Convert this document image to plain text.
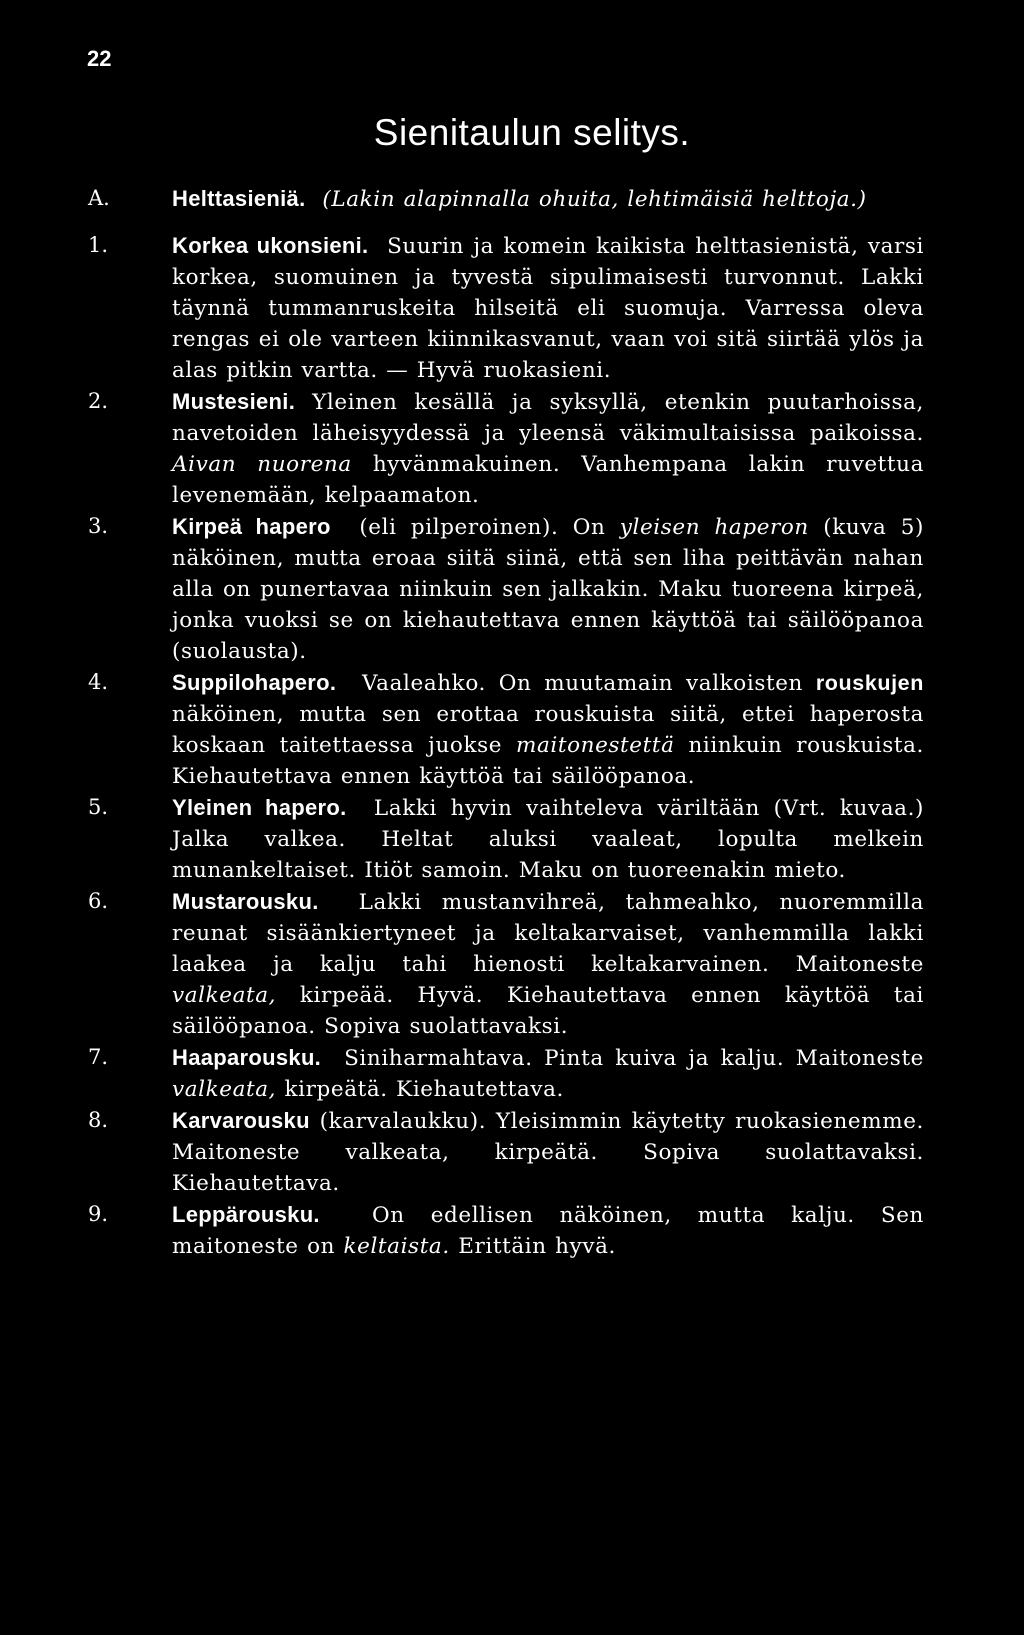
22
Sienitaulun selitys.
A.	Helttasieniä. (Lakin alapinnalla ohuita, lehtimäisiä helttoja.)
1.	Korkea ukonsieni. Suurin ja komein kaikista helttasienistä, varsi korkea, suomuinen ja tyvestä sipulimaisesti turvonnut. Lakki täynnä tummanruskeita hilseitä eli suomuja. Varressa oleva rengas ei ole varteen kiinnikasvanut, vaan voi sitä siirtää ylös ja alas pitkin vartta. — Hyvä ruokasieni.
2.	Mustesieni. Yleinen kesällä ja syksyllä, etenkin puutarhoissa, navetoiden läheisyydessä ja yleensä väkimultaisissa paikoissa. Aivan nuorena hyvänmakuinen. Vanhempana lakin ruvettua levenemään, kelpaamaton.
3.	Kirpeä hapero (eli pilperoinen). On yleisen haperon (kuva 5) näköinen, mutta eroaa siitä siinä, että sen liha peittävän nahan alla on punertavaa niinkuin sen jalkakin. Maku tuoreena kirpeä, jonka vuoksi se on kiehautettava ennen käyttöä tai säilööpanoa (suolausta).
4.	Suppilohapero. Vaaleahko. On muutamain valkoisten rouskujen näköinen, mutta sen erottaa rouskuista siitä, ettei haperosta koskaan taitettaessa juokse maitonestettä niinkuin rouskuista. Kiehautettava ennen käyttöä tai säilööpanoa.
5.	Yleinen hapero. Lakki hyvin vaihteleva väriltään (Vrt. kuvaa.) Jalka valkea. Heltat aluksi vaaleat, lopulta melkein munankeltaiset. Itiöt samoin. Maku on tuoreenakin mieto.
6.	Mustarousku. Lakki mustanvihreä, tahmeahko, nuoremmilla reunat sisäänkiertyneet ja keltakarvaiset, vanhemmilla lakki laakea ja kalju tahi hienosti keltakarvainen. Maitoneste valkeata, kirpeää. Hyvä. Kiehautettava ennen käyttöä tai säilööpanoa. Sopiva suolattavaksi.
7.	Haaparousku. Siniharmahtava. Pinta kuiva ja kalju. Maitoneste valkeata, kirpeätä. Kiehautettava.
8.	Karvarousku (karvalaukku). Yleisimmin käytetty ruokasienemme. Maitoneste valkeata, kirpeätä. Sopiva suolattavaksi. Kiehautettava.
9.	Leppärousku. On edellisen näköinen, mutta kalju. Sen maitoneste on keltaista. Erittäin hyvä.
